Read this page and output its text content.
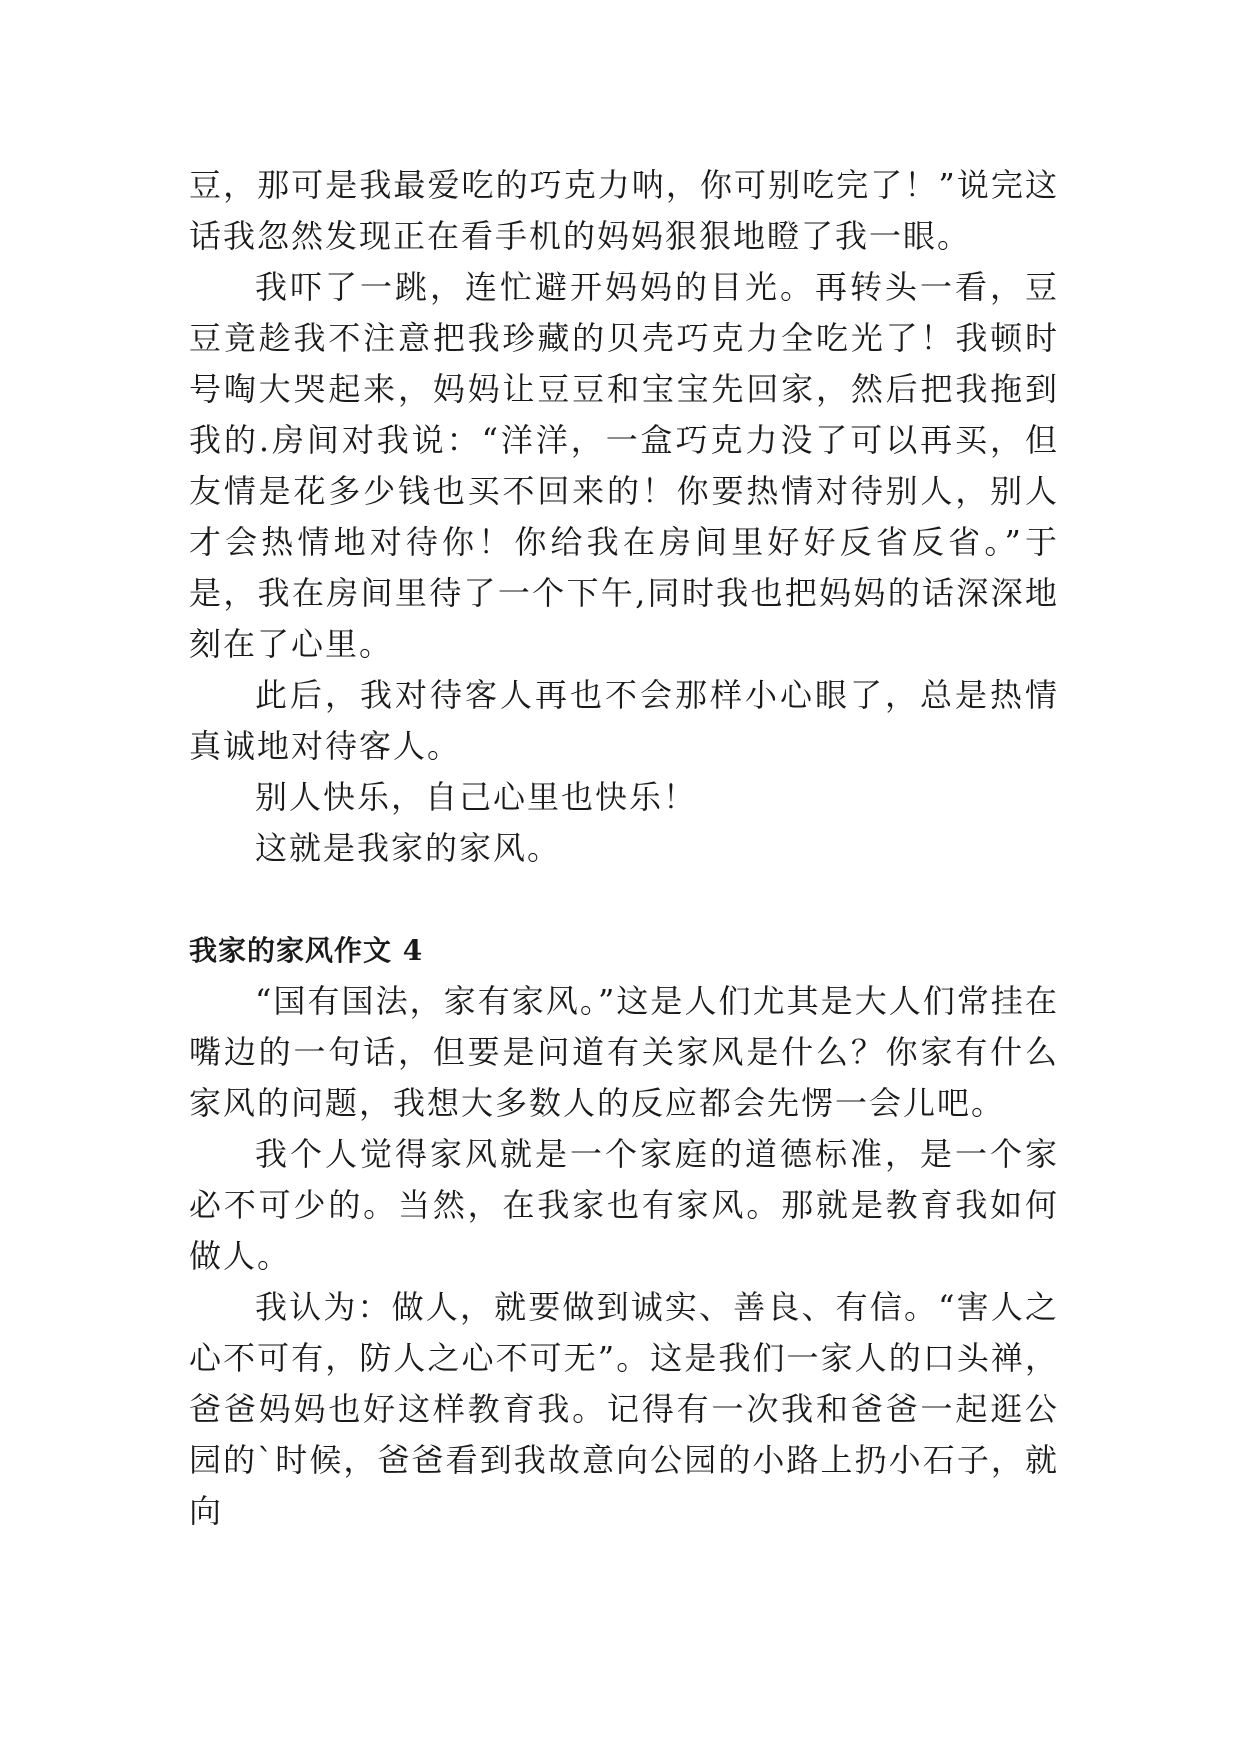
豆，那可是我最爱吃的巧克力呐，你可别吃完了！”说完这话我忽然发现正在看手机的妈妈狠狠地瞪了我一眼。

我吓了一跳，连忙避开妈妈的目光。再转头一看，豆豆竟趁我不注意把我珍藏的贝壳巧克力全吃光了！我顿时号啕大哭起来，妈妈让豆豆和宝宝先回家，然后把我拖到我的.房间对我说：“洋洋，一盒巧克力没了可以再买，但友情是花多少钱也买不回来的！你要热情对待别人，别人才会热情地对待你！你给我在房间里好好反省反省。”于是，我在房间里待了一个下午,同时我也把妈妈的话深深地刻在了心里。

此后，我对待客人再也不会那样小心眼了，总是热情真诚地对待客人。

别人快乐，自己心里也快乐！

这就是我家的家风。

我家的家风作文 4

“国有国法，家有家风。”这是人们尤其是大人们常挂在嘴边的一句话，但要是问道有关家风是什么？你家有什么家风的问题，我想大多数人的反应都会先愣一会儿吧。

我个人觉得家风就是一个家庭的道德标准，是一个家必不可少的。当然，在我家也有家风。那就是教育我如何做人。

我认为：做人，就要做到诚实、善良、有信。“害人之心不可有，防人之心不可无”。这是我们一家人的口头禅，爸爸妈妈也好这样教育我。记得有一次我和爸爸一起逛公园的`时候，爸爸看到我故意向公园的小路上扔小石子，就向
